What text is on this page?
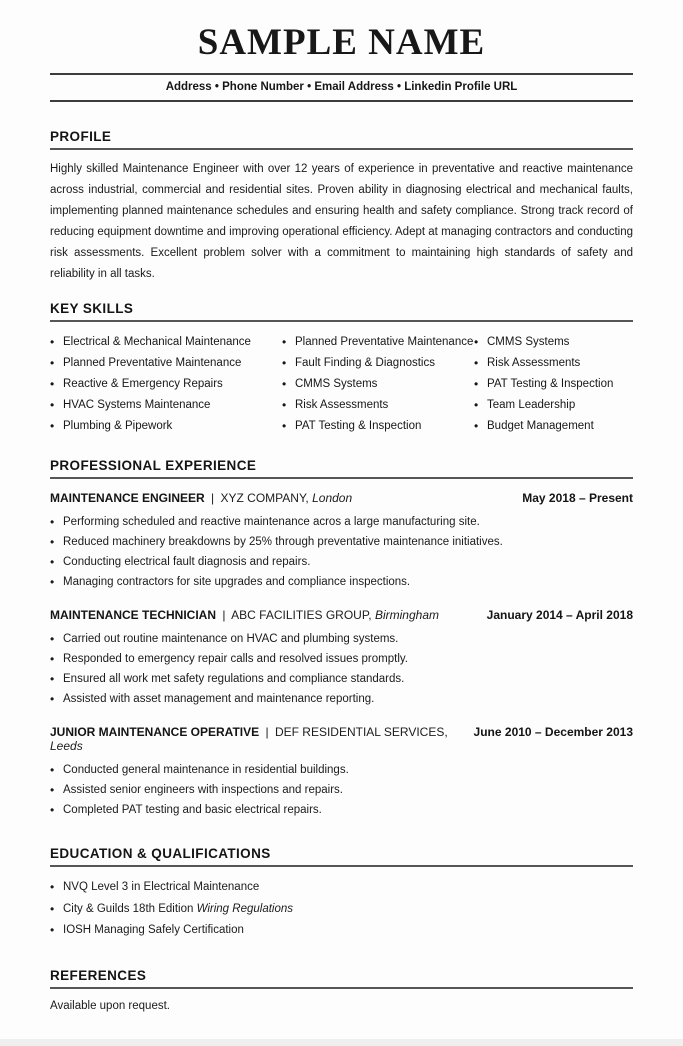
SAMPLE NAME
Address • Phone Number • Email Address • Linkedin Profile URL
PROFILE
Highly skilled Maintenance Engineer with over 12 years of experience in preventative and reactive maintenance across industrial, commercial and residential sites. Proven ability in diagnosing electrical and mechanical faults, implementing planned maintenance schedules and ensuring health and safety compliance. Strong track record of reducing equipment downtime and improving operational efficiency. Adept at managing contractors and conducting risk assessments. Excellent problem solver with a commitment to maintaining high standards of safety and reliability in all tasks.
KEY SKILLS
• Electrical & Mechanical Maintenance
• Planned Preventative Maintenance
• Reactive & Emergency Repairs
• HVAC Systems Maintenance
• Plumbing & Pipework
• Planned Preventative Maintenance
• Fault Finding & Diagnostics
• CMMS Systems
• Risk Assessments
• PAT Testing & Inspection
• CMMS Systems
• Risk Assessments
• PAT Testing & Inspection
• Team Leadership
• Budget Management
PROFESSIONAL EXPERIENCE
MAINTENANCE ENGINEER | XYZ COMPANY, London	May 2018 – Present
• Performing scheduled and reactive maintenance acros a large manufacturing site.
• Reduced machinery breakdowns by 25% through preventative maintenance initiatives.
• Conducting electrical fault diagnosis and repairs.
• Managing contractors for site upgrades and compliance inspections.
MAINTENANCE TECHNICIAN | ABC FACILITIES GROUP, Birmingham	January 2014 – April 2018
• Carried out routine maintenance on HVAC and plumbing systems.
• Responded to emergency repair calls and resolved issues promptly.
• Ensured all work met safety regulations and compliance standards.
• Assisted with asset management and maintenance reporting.
JUNIOR MAINTENANCE OPERATIVE | DEF RESIDENTIAL SERVICES, Leeds
June 2010 – December 2013
• Conducted general maintenance in residential buildings.
• Assisted senior engineers with inspections and repairs.
• Completed PAT testing and basic electrical repairs.
EDUCATION & QUALIFICATIONS
• NVQ Level 3 in Electrical Maintenance
• City & Guilds 18th Edition Wiring Regulations
• IOSH Managing Safely Certification
REFERENCES
Available upon request.
